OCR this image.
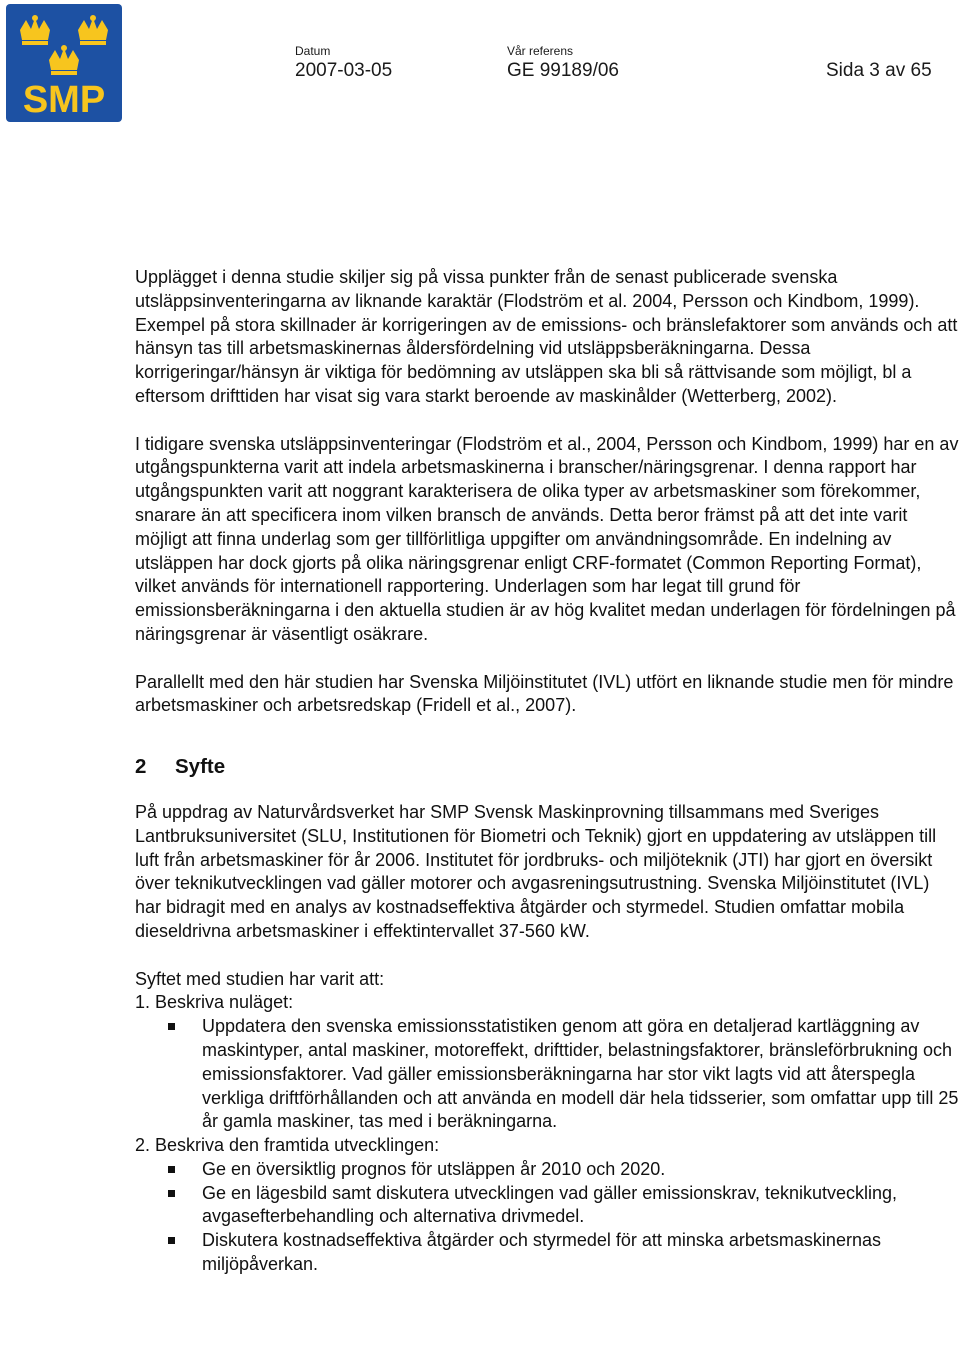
SMP
Datum
2007-03-05
Vår referens
GE 99189/06	Sida 3 av 65

Upplägget i denna studie skiljer sig på vissa punkter från de senast publicerade svenska utsläppsinventeringarna av liknande karaktär (Flodström et al. 2004, Persson och Kindbom, 1999). Exempel på stora skillnader är korrigeringen av de emissions- och bränslefaktorer som används och att hänsyn tas till arbetsmaskinernas åldersfördelning vid utsläppsberäkningarna. Dessa korrigeringar/hänsyn är viktiga för bedömning av utsläppen ska bli så rättvisande som möjligt, bl a eftersom drifttiden har visat sig vara starkt beroende av maskinålder (Wetterberg, 2002).

I tidigare svenska utsläppsinventeringar (Flodström et al., 2004, Persson och Kindbom, 1999) har en av utgångspunkterna varit att indela arbetsmaskinerna i branscher/näringsgrenar. I denna rapport har utgångspunkten varit att noggrant karakterisera de olika typer av arbetsmaskiner som förekommer, snarare än att specificera inom vilken bransch de används. Detta beror främst på att det inte varit möjligt att finna underlag som ger tillförlitliga uppgifter om användningsområde. En indelning av utsläppen har dock gjorts på olika näringsgrenar enligt CRF-formatet (Common Reporting Format), vilket används för internationell rapportering. Underlagen som har legat till grund för emissionsberäkningarna i den aktuella studien är av hög kvalitet medan underlagen för fördelningen på näringsgrenar är väsentligt osäkrare.

Parallellt med den här studien har Svenska Miljöinstitutet (IVL) utfört en liknande studie men för mindre arbetsmaskiner och arbetsredskap (Fridell et al., 2007).

2 Syfte

På uppdrag av Naturvårdsverket har SMP Svensk Maskinprovning tillsammans med Sveriges Lantbruksuniversitet (SLU, Institutionen för Biometri och Teknik) gjort en uppdatering av utsläppen till luft från arbetsmaskiner för år 2006. Institutet för jordbruks- och miljöteknik (JTI) har gjort en översikt över teknikutvecklingen vad gäller motorer och avgasreningsutrustning. Svenska Miljöinstitutet (IVL) har bidragit med en analys av kostnadseffektiva åtgärder och styrmedel. Studien omfattar mobila dieseldrivna arbetsmaskiner i effektintervallet 37-560 kW.

Syftet med studien har varit att:

1. Beskriva nuläget:

Uppdatera den svenska emissionsstatistiken genom att göra en detaljerad kartläggning av maskintyper, antal maskiner, motoreffekt, drifttider, belastningsfaktorer, bränsleförbrukning och emissionsfaktorer. Vad gäller emissionsberäkningarna har stor vikt lagts vid att återspegla verkliga driftförhållanden och att använda en modell där hela tidsserier, som omfattar upp till 25 år gamla maskiner, tas med i beräkningarna.

2. Beskriva den framtida utvecklingen:

Ge en översiktlig prognos för utsläppen år 2010 och 2020.
Ge en lägesbild samt diskutera utvecklingen vad gäller emissionskrav, teknikutveckling, avgasefterbehandling och alternativa drivmedel.
Diskutera kostnadseffektiva åtgärder och styrmedel för att minska arbetsmaskinernas miljöpåverkan.
